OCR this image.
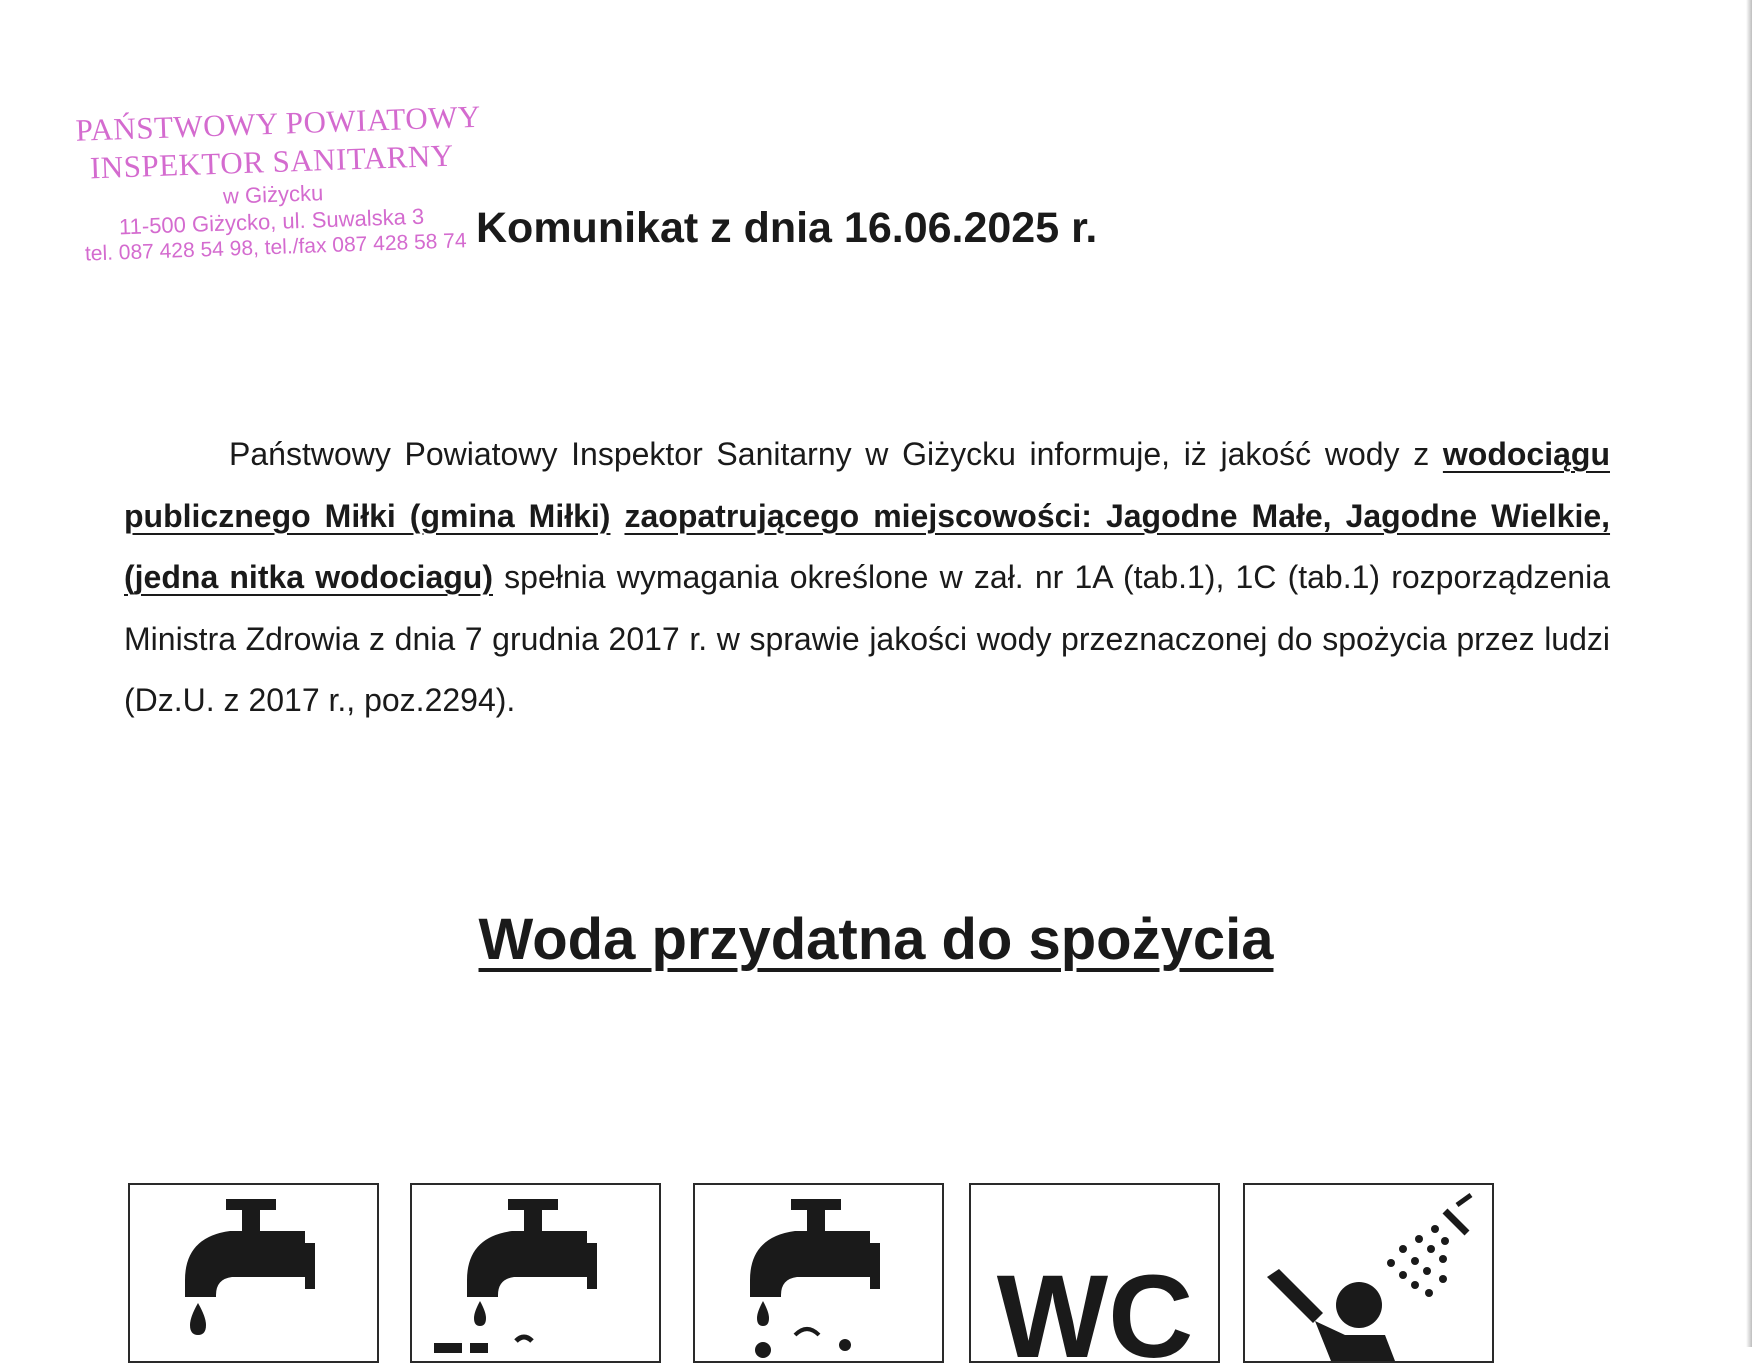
PAŃSTWOWY POWIATOWY
INSPEKTOR SANITARNY
w Giżycku
11-500 Giżycko, ul. Suwalska 3
tel. 087 428 54 98, tel./fax 087 428 58 74 Komunikat z dnia 16.06.2025 r.

Państwowy Powiatowy Inspektor Sanitarny w Giżycku informuje, iż jakość wody z wodociągu publicznego Miłki (gmina Miłki) zaopatrującego miejscowości: Jagodne Małe, Jagodne Wielkie, (jedna nitka wodociagu) spełnia wymagania określone w zał. nr 1A (tab.1), 1C (tab.1) rozporządzenia Ministra Zdrowia z dnia 7 grudnia 2017 r. w sprawie jakości wody przeznaczonej do spożycia przez ludzi (Dz.U. z 2017 r., poz.2294).

Woda przydatna do spożycia
WC
